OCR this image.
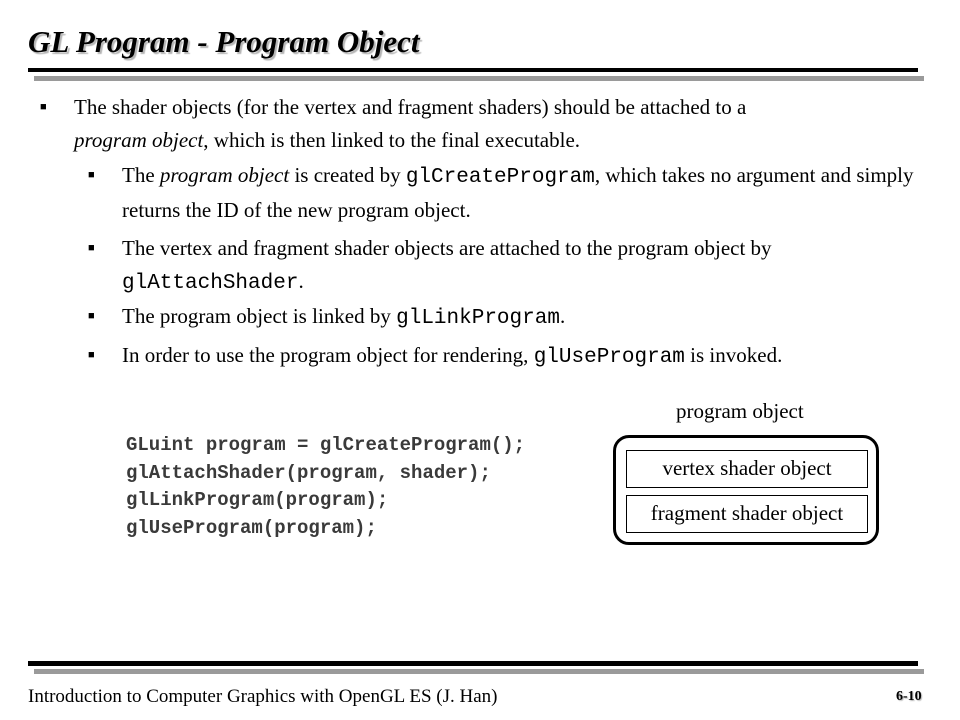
GL Program - Program Object
■	The shader objects (for the vertex and fragment shaders) should be attached to a
program object, which is then linked to the final executable.
■	The program object is created by glCreateProgram, which takes no argument and simply returns the ID of the new program object.
■	The vertex and fragment shader objects are attached to the program object by glAttachShader.
■	The program object is linked by glLinkProgram.
■	In order to use the program object for rendering, glUseProgram is invoked.
GLuint program = glCreateProgram();
glAttachShader(program, shader);
glLinkProgram(program);
glUseProgram(program);
program object
vertex shader object
fragment shader object
Introduction to Computer Graphics with OpenGL ES (J. Han)	6-10
